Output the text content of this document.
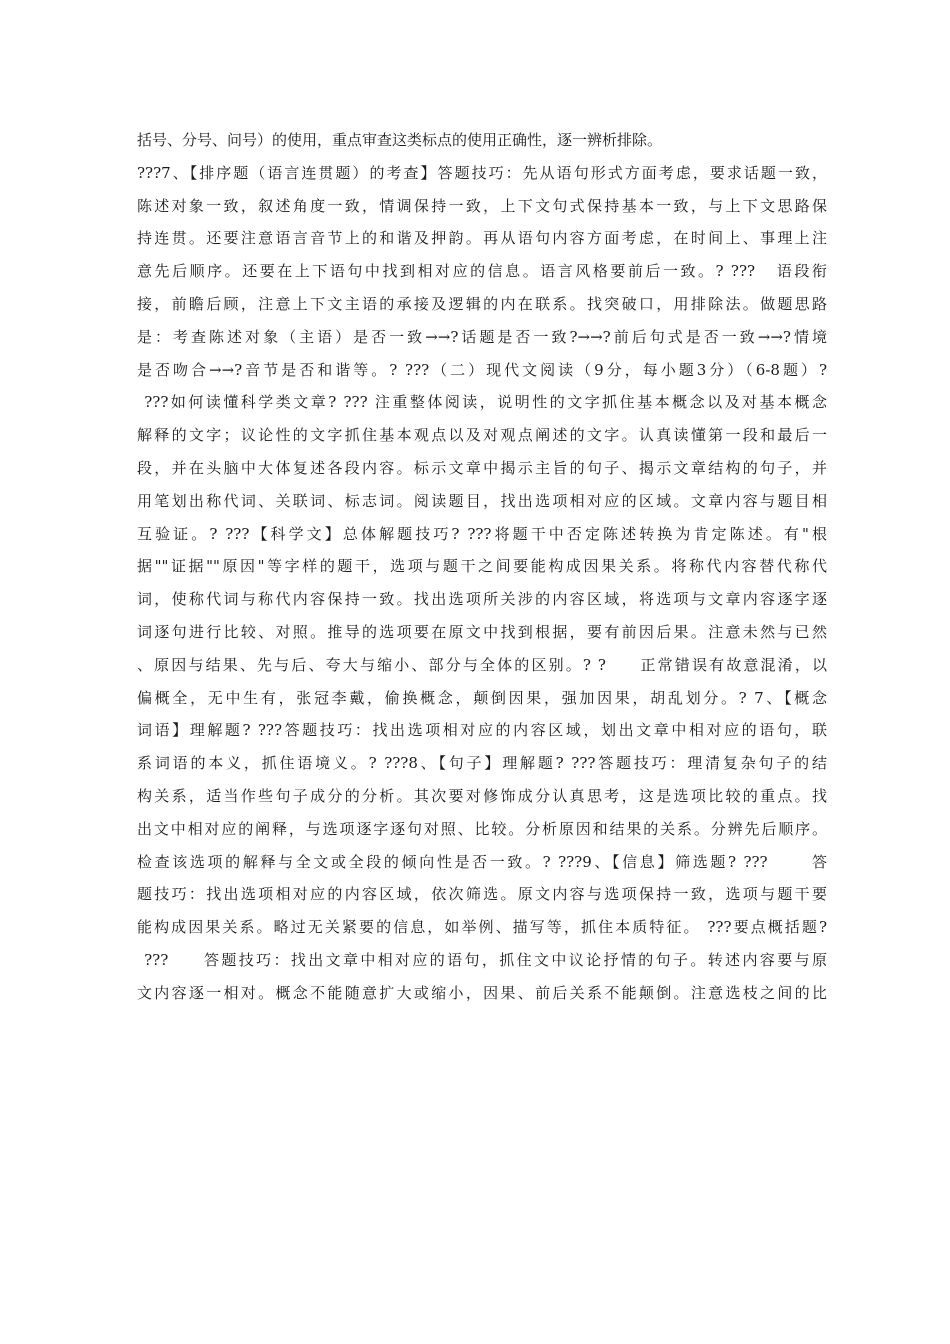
括号、分号、问号）的使用，重点审查这类标点的使用正确性，逐一辨析排除。
???7、【排序题（语言连贯题）的考查】答题技巧：先从语句形式方面考虑，要求话题一致，
陈述对象一致，叙述角度一致，情调保持一致，上下文句式保持基本一致，与上下文思路保
持连贯。还要注意语言音节上的和谐及押韵。再从语句内容方面考虑，在时间上、事理上注
意先后顺序。还要在上下语句中找到相对应的信息。语言风格要前后一致。? ???   语段衔
接，前瞻后顾，注意上下文主语的承接及逻辑的内在联系。找突破口，用排除法。做题思路
是：考查陈述对象（主语）是否一致→→?话题是否一致?→→?前后句式是否一致→→?情境
是否吻合→→?音节是否和谐等。? ???（二）现代文阅读（9分，每小题3分）（6-8题）?
???如何读懂科学类文章? ??? 注重整体阅读，说明性的文字抓住基本概念以及对基本概念
解释的文字；议论性的文字抓住基本观点以及对观点阐述的文字。认真读懂第一段和最后一
段，并在头脑中大体复述各段内容。标示文章中揭示主旨的句子、揭示文章结构的句子，并
用笔划出称代词、关联词、标志词。阅读题目，找出选项相对应的区域。文章内容与题目相
互验证。? ???【科学文】总体解题技巧? ???将题干中否定陈述转换为肯定陈述。有"根
据""证据""原因"等字样的题干，选项与题干之间要能构成因果关系。将称代内容替代称代
词，使称代词与称代内容保持一致。找出选项所关涉的内容区域，将选项与文章内容逐字逐
词逐句进行比较、对照。推导的选项要在原文中找到根据，要有前因后果。注意未然与已然
、原因与结果、先与后、夸大与缩小、部分与全体的区别。? ?     正常错误有故意混淆，以
偏概全，无中生有，张冠李戴，偷换概念，颠倒因果，强加因果，胡乱划分。? 7、【概念
词语】理解题? ???答题技巧：找出选项相对应的内容区域，划出文章中相对应的语句，联
系词语的本义，抓住语境义。? ???8、【句子】理解题? ???答题技巧：理清复杂句子的结
构关系，适当作些句子成分的分析。其次要对修饰成分认真思考，这是选项比较的重点。找
出文中相对应的阐释，与选项逐字逐句对照、比较。分析原因和结果的关系。分辨先后顺序。
检查该选项的解释与全文或全段的倾向性是否一致。? ???9、【信息】筛选题? ???      答
题技巧：找出选项相对应的内容区域，依次筛选。原文内容与选项保持一致，选项与题干要
能构成因果关系。略过无关紧要的信息，如举例、描写等，抓住本质特征。 ???要点概括题?
???     答题技巧：找出文章中相对应的语句，抓住文中议论抒情的句子。转述内容要与原
文内容逐一相对。概念不能随意扩大或缩小，因果、前后关系不能颠倒。注意选枝之间的比
